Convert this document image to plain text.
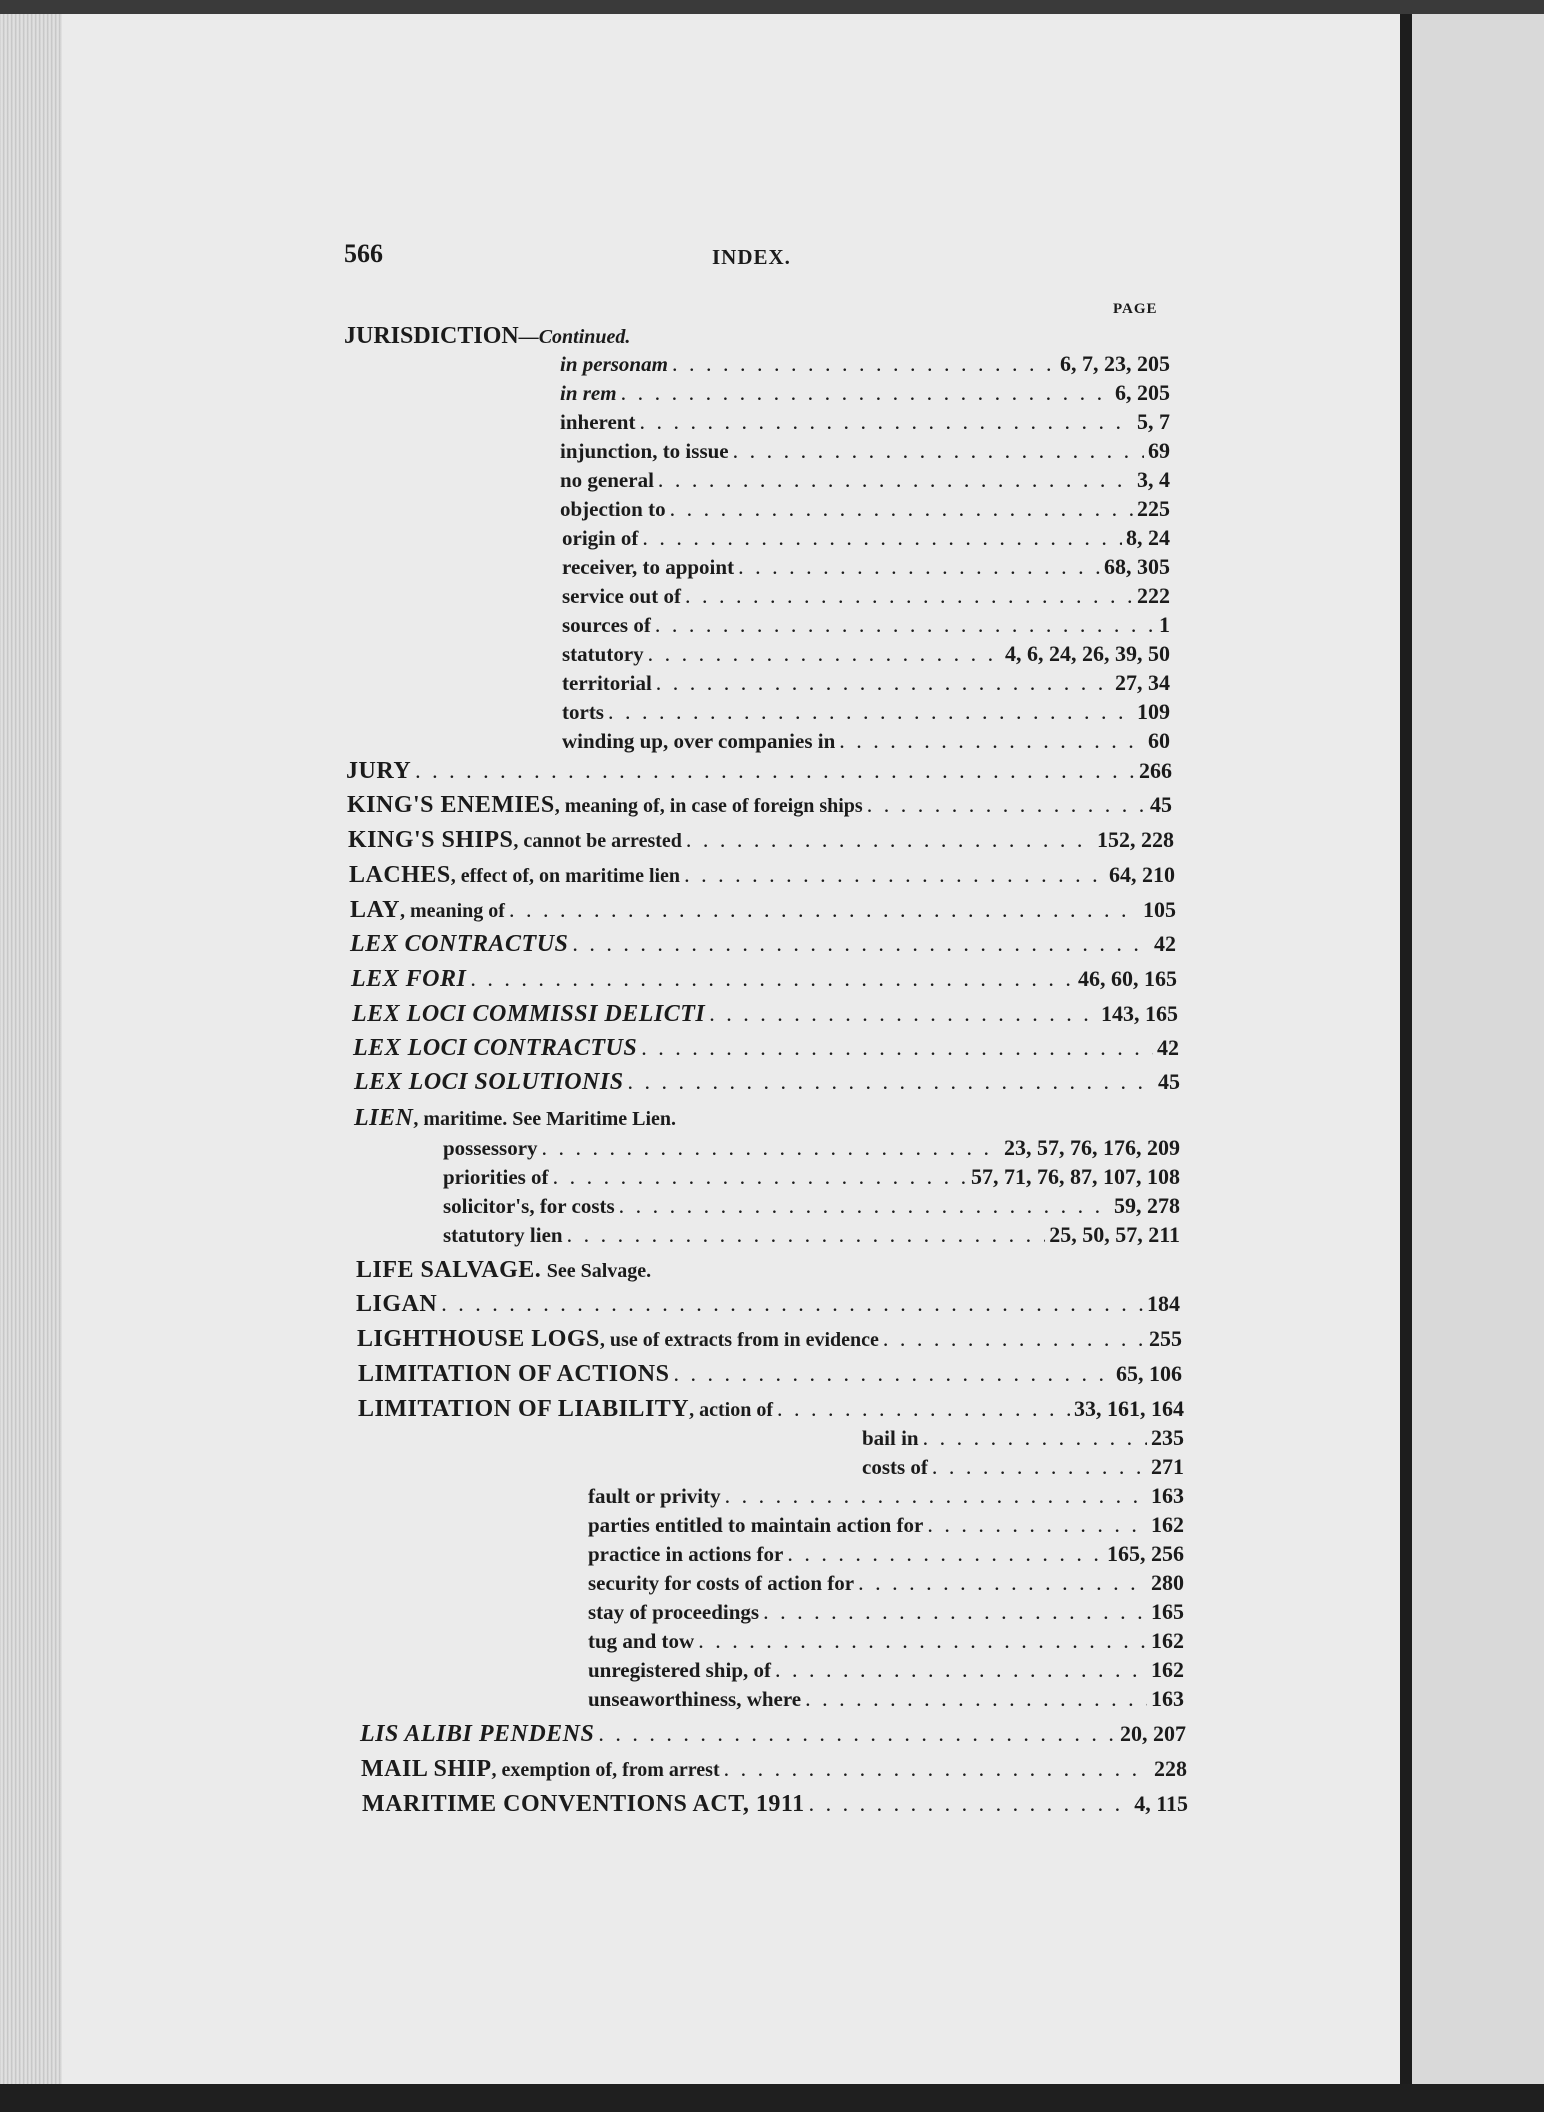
566	INDEX.
PAGE
JURISDICTION—Continued.
in personam . . .	6, 7, 23, 205
in rem . . .	6, 205
inherent . . .	5, 7
injunction, to issue . . .	69
no general . . .	3, 4
objection to . . .	225
origin of . . .	8, 24
receiver, to appoint . . .	68, 305
service out of . . .	222
sources of . . .	1
statutory . . .	4, 6, 24, 26, 39, 50
territorial . . .	27, 34
torts . . .	109
winding up, over companies in . . .	60
JURY . . .	266
KING'S ENEMIES , meaning of, in case of foreign ships . . .	45
KING'S SHIPS , cannot be arrested . . .	152, 228
LACHES , effect of, on maritime lien . . .	64, 210
LAY , meaning of . . .	105
LEX CONTRACTUS . . .	42
LEX FORI . . .	46, 60, 165
LEX LOCI COMMISSI DELICTI . . .	143, 165
LEX LOCI CONTRACTUS . . .	42
LEX LOCI SOLUTIONIS . . .	45
LIEN, maritime. See Maritime Lien.
possessory . . .	23, 57, 76, 176, 209
priorities of . . .	57, 71, 76, 87, 107, 108
solicitor's, for costs . . .	59, 278
statutory lien . . .	25, 50, 57, 211
LIFE SALVAGE. See Salvage.
LIGAN . . .	184
LIGHTHOUSE LOGS , use of extracts from in evidence . . .	255
LIMITATION OF ACTIONS . . .	65, 106
LIMITATION OF LIABILITY , action of . . .	33, 161, 164
bail in . . .	235
costs of . . .	271
fault or privity . . .	163
parties entitled to maintain action for . . .	162
practice in actions for . . .	165, 256
security for costs of action for . . .	280
stay of proceedings . . .	165
tug and tow . . .	162
unregistered ship, of . . .	162
unseaworthiness, where . . .	163
LIS ALIBI PENDENS . . .	20, 207
MAIL SHIP , exemption of, from arrest . . .	228
MARITIME CONVENTIONS ACT, 1911 . . .	4, 115
